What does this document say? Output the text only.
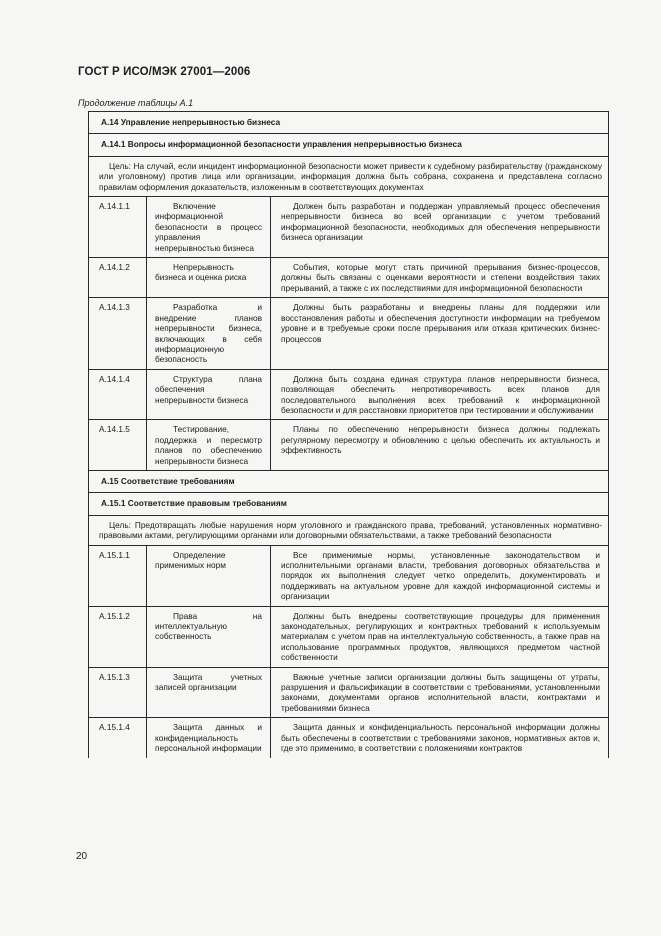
ГОСТ Р ИСО/МЭК 27001—2006
Продолжение таблицы А.1
А.14 Управление непрерывностью бизнеса		
А.14.1 Вопросы информационной безопасности управления непрерывностью бизнеса		
Цель: На случай, если инцидент информационной безопасности может привести к судебному разбирательству (гражданскому или уголовному) против лица или организации, информация должна быть собрана, сохранена и представлена согласно правилам оформления доказательств, изложенным в соответствующих документах		
А.14.1.1	Включение информационной безопасности в процесс управления непрерывностью бизнеса	Должен быть разработан и поддержан управляемый процесс обеспечения непрерывности бизнеса во всей организации с учетом требований информационной безопасности, необходимых для обеспечения непрерывности бизнеса организации
А.14.1.2	Непрерывность бизнеса и оценка риска	События, которые могут стать причиной прерывания бизнес-процессов, должны быть связаны с оценками вероятности и степени воздействия таких прерываний, а также с их последствиями для информационной безопасности
А.14.1.3	Разработка и внедрение планов непрерывности бизнеса, включающих в себя информационную безопасность	Должны быть разработаны и внедрены планы для поддержки или восстановления работы и обеспечения доступности информации на требуемом уровне и в требуемые сроки после прерывания или отказа критических бизнес-процессов
А.14.1.4	Структура плана обеспечения непрерывности бизнеса	Должна быть создана единая структура планов непрерывности бизнеса, позволяющая обеспечить непротиворечивость всех планов для последовательного выполнения всех требований к информационной безопасности и для расстановки приоритетов при тестировании и обслуживании
А.14.1.5	Тестирование, поддержка и пересмотр планов по обеспечению непрерывности бизнеса	Планы по обеспечению непрерывности бизнеса должны подлежать регулярному пересмотру и обновлению с целью обеспечить их актуальность и эффективность
А.15 Соответствие требованиям		
А.15.1 Соответствие правовым требованиям		
Цель: Предотвращать любые нарушения норм уголовного и гражданского права, требований, установленных нормативно-правовыми актами, регулирующими органами или договорными обязательствами, а также требований безопасности		
А.15.1.1	Определение применимых норм	Все применимые нормы, установленные законодательством и исполнительными органами власти, требования договорных обязательства и порядок их выполнения следует четко определить, документировать и поддерживать на актуальном уровне для каждой информационной системы и организации
А.15.1.2	Права на интеллектуальную собственность	Должны быть внедрены соответствующие процедуры для применения законодательных, регулирующих и контрактных требований к используемым материалам с учетом прав на интеллектуальную собственность, а также прав на использование программных продуктов, являющихся предметом частной собственности
А.15.1.3	Защита учетных записей организации	Важные учетные записи организации должны быть защищены от утраты, разрушения и фальсификации в соответствии с требованиями, установленными законами, документами органов исполнительной власти, контрактами и требованиями бизнеса
А.15.1.4	Защита данных и конфиденциальность персональной информации	Защита данных и конфиденциальность персональной информации должны быть обеспечены в соответствии с требованиями законов, нормативных актов и, где это применимо, в соответствии с положениями контрактов
20
